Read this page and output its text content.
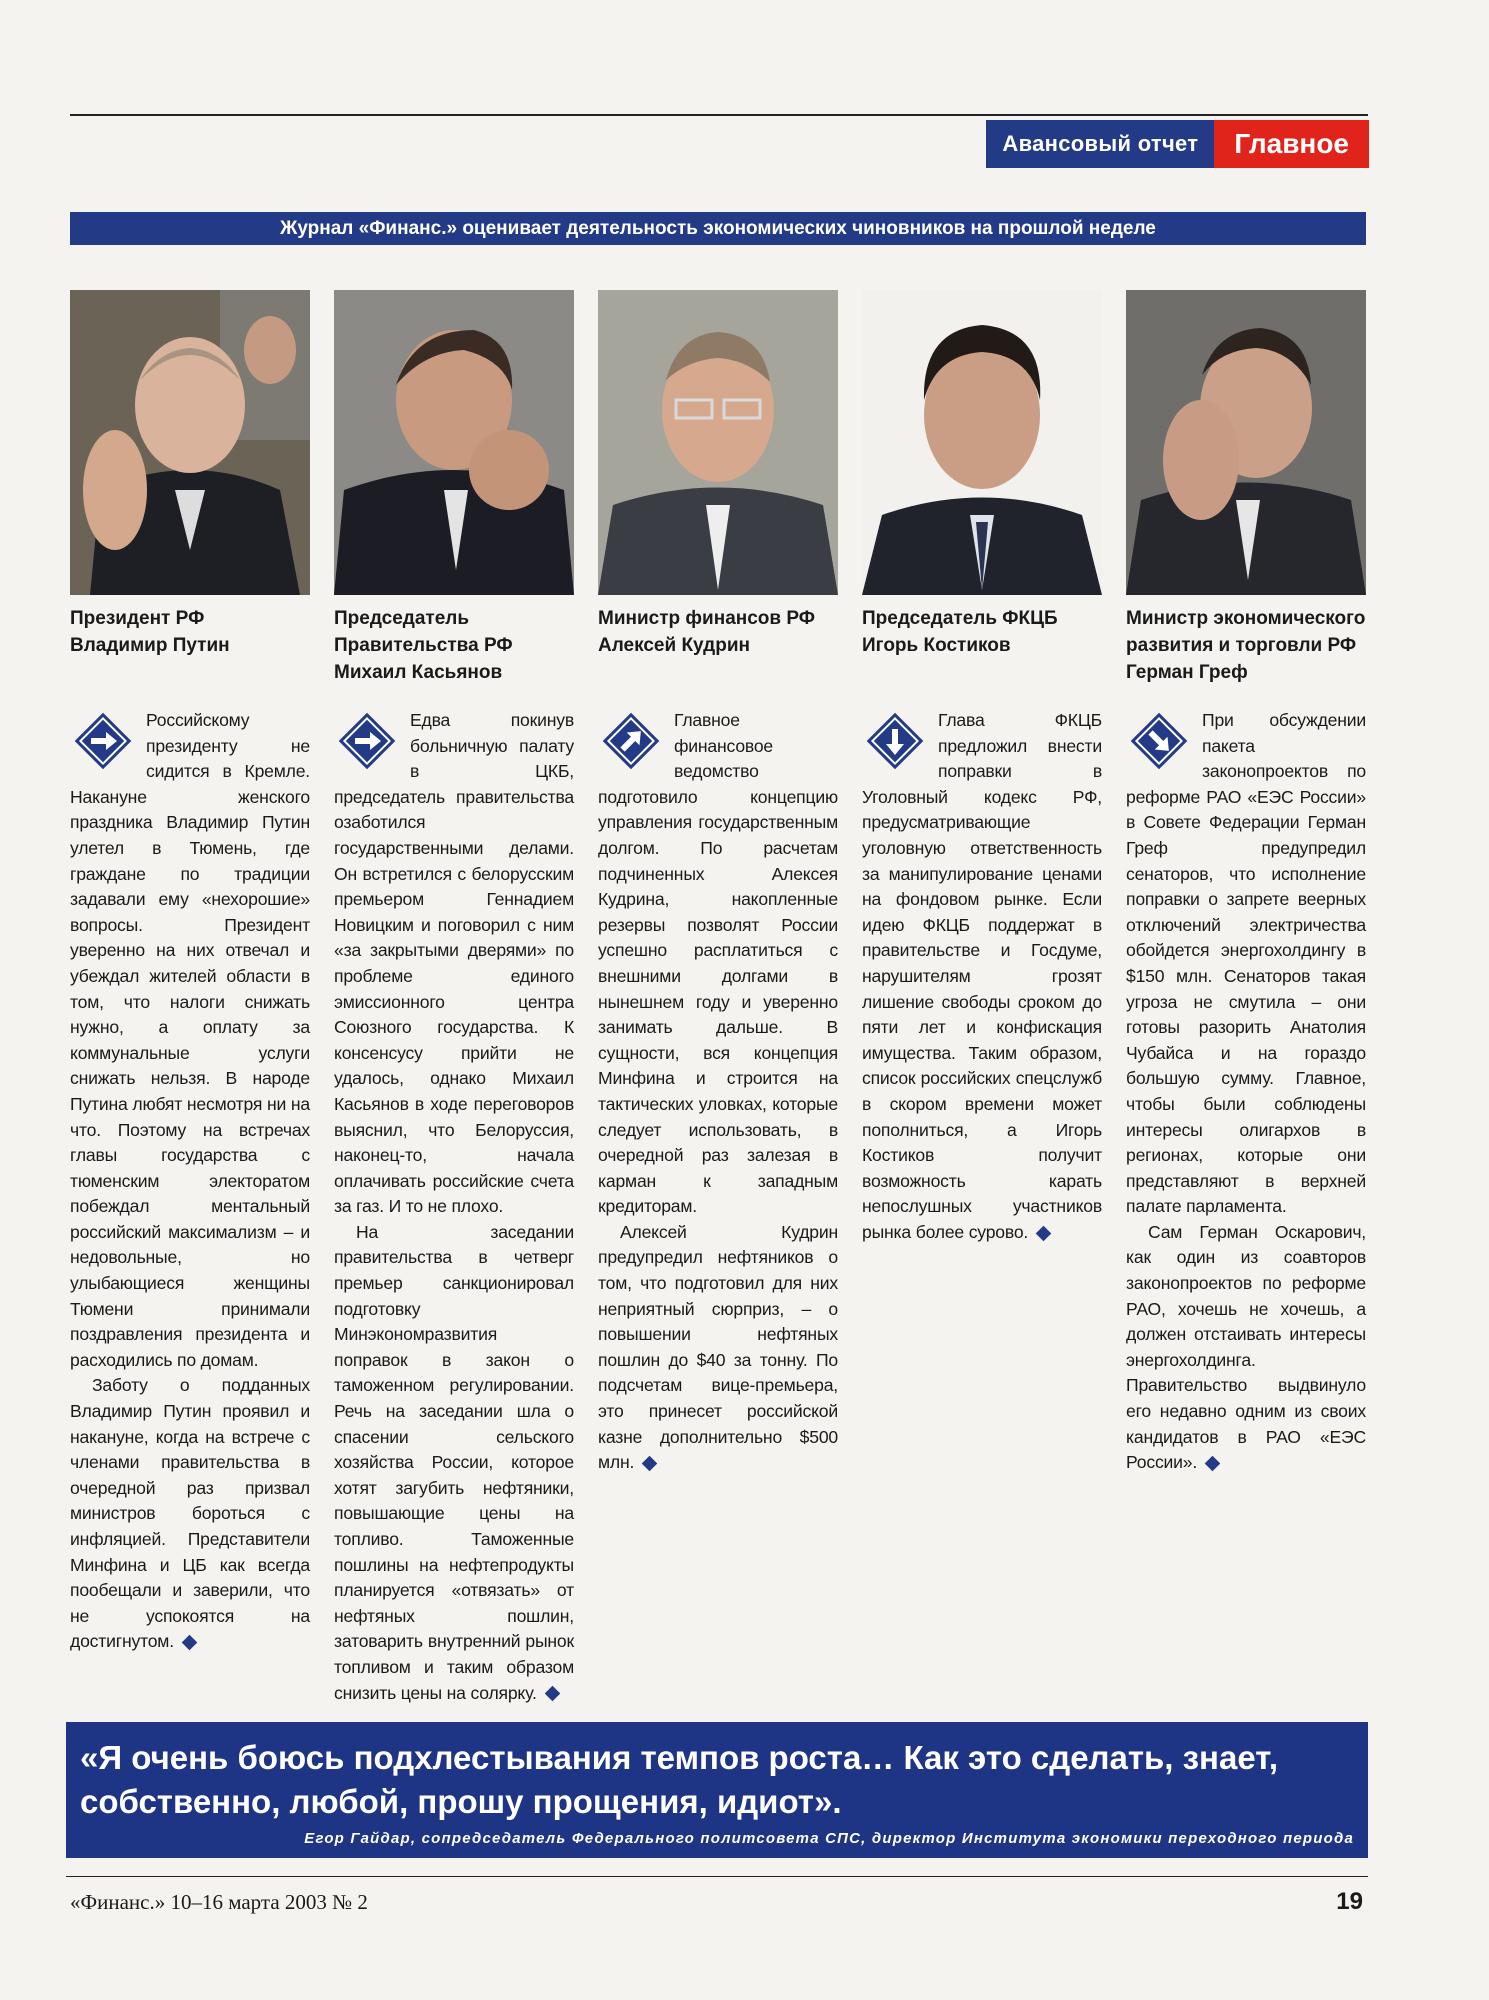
Авансовый отчет	Главное
Журнал «Финанс.» оценивает деятельность экономических чиновников на прошлой неделе
Президент РФ
Владимир Путин
Председатель Правительства РФ
Михаил Касьянов
Министр финансов РФ
Алексей Кудрин
Председатель ФКЦБ
Игорь Костиков
Министр экономического развития и торговли РФ
Герман Греф

Российскому президенту не сидится в Кремле. Накануне женского праздника Владимир Путин улетел в Тюмень, где граждане по традиции задавали ему «нехорошие» вопросы. Президент уверенно на них отвечал и убеждал жителей области в том, что налоги снижать нужно, а оплату за коммунальные услуги снижать нельзя. В народе Путина любят несмотря ни на что. Поэтому на встречах главы государства с тюменским электоратом побеждал ментальный российский максимализм – и недовольные, но улыбающиеся женщины Тюмени принимали поздравления президента и расходились по домам.

Заботу о подданных Владимир Путин проявил и накануне, когда на встрече с членами правительства в очередной раз призвал министров бороться с инфляцией. Представители Минфина и ЦБ как всегда пообещали и заверили, что не успокоятся на достигнутом.

Едва покинув больничную палату в ЦКБ, председатель правительства озаботился государственными делами. Он встретился с белорусским премьером Геннадием Новицким и поговорил с ним «за закрытыми дверями» по проблеме единого эмиссионного центра Союзного государства. К консенсусу прийти не удалось, однако Михаил Касьянов в ходе переговоров выяснил, что Белоруссия, наконец-то, начала оплачивать российские счета за газ. И то не плохо.

На заседании правительства в четверг премьер санкционировал подготовку Минэкономразвития поправок в закон о таможенном регулировании. Речь на заседании шла о спасении сельского хозяйства России, которое хотят загубить нефтяники, повышающие цены на топливо. Таможенные пошлины на нефтепродукты планируется «отвязать» от нефтяных пошлин, затоварить внутренний рынок топливом и таким образом снизить цены на солярку.

Главное финансовое ведомство подготовило концепцию управления государственным долгом. По расчетам подчиненных Алексея Кудрина, накопленные резервы позволят России успешно расплатиться с внешними долгами в нынешнем году и уверенно занимать дальше. В сущности, вся концепция Минфина и строится на тактических уловках, которые следует использовать, в очередной раз залезая в карман к западным кредиторам.

Алексей Кудрин предупредил нефтяников о том, что подготовил для них неприятный сюрприз, – о повышении нефтяных пошлин до $40 за тонну. По подсчетам вице-премьера, это принесет российской казне дополнительно $500 млн.

Глава ФКЦБ предложил внести поправки в Уголовный кодекс РФ, предусматривающие уголовную ответственность за манипулирование ценами на фондовом рынке. Если идею ФКЦБ поддержат в правительстве и Госдуме, нарушителям грозят лишение свободы сроком до пяти лет и конфискация имущества. Таким образом, список российских спецслужб в скором времени может пополниться, а Игорь Костиков получит возможность карать непослушных участников рынка более сурово.

При обсуждении пакета законопроектов по реформе РАО «ЕЭС России» в Совете Федерации Герман Греф предупредил сенаторов, что исполнение поправки о запрете веерных отключений электричества обойдется энергохолдингу в $150 млн. Сенаторов такая угроза не смутила – они готовы разорить Анатолия Чубайса и на гораздо большую сумму. Главное, чтобы были соблюдены интересы олигархов в регионах, которые они представляют в верхней палате парламента.

Сам Герман Оскарович, как один из соавторов законопроектов по реформе РАО, хочешь не хочешь, а должен отстаивать интересы энергохолдинга. Правительство выдвинуло его недавно одним из своих кандидатов в РАО «ЕЭС России».

«Я очень боюсь подхлестывания темпов роста… Как это сделать, знает, собственно, любой, прошу прощения, идиот».
Егор Гайдар, сопредседатель Федерального политсовета СПС, директор Института экономики переходного периода
«Финанс.» 10–16 марта 2003 № 2	19
